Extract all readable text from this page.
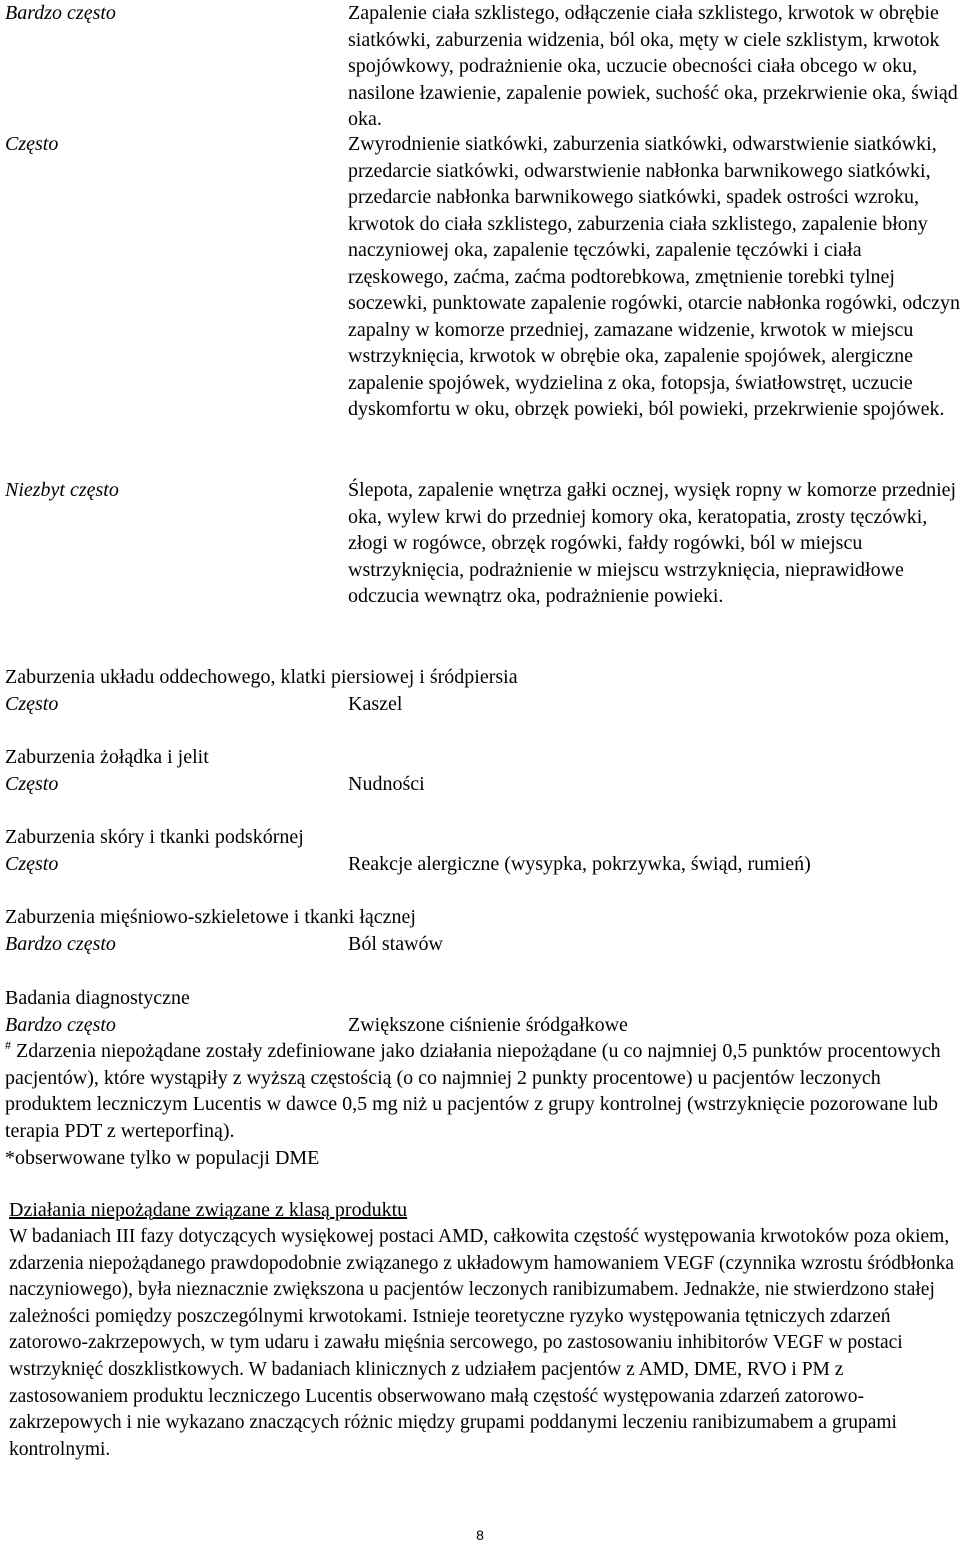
Bardzo często	Zapalenie ciała szklistego, odłączenie ciała szklistego, krwotok w obrębie siatkówki, zaburzenia widzenia, ból oka, męty w ciele szklistym, krwotok spojówkowy, podrażnienie oka, uczucie obecności ciała obcego w oku, nasilone łzawienie, zapalenie powiek, suchość oka, przekrwienie oka, świąd oka.
Często	Zwyrodnienie siatkówki, zaburzenia siatkówki, odwarstwienie siatkówki, przedarcie siatkówki, odwarstwienie nabłonka barwnikowego siatkówki, przedarcie nabłonka barwnikowego siatkówki, spadek ostrości wzroku, krwotok do ciała szklistego, zaburzenia ciała szklistego, zapalenie błony naczyniowej oka, zapalenie tęczówki, zapalenie tęczówki i ciała rzęskowego, zaćma, zaćma podtorebkowa, zmętnienie torebki tylnej soczewki, punktowate zapalenie rogówki, otarcie nabłonka rogówki, odczyn zapalny w komorze przedniej, zamazane widzenie, krwotok w miejscu wstrzyknięcia, krwotok w obrębie oka, zapalenie spojówek, alergiczne zapalenie spojówek, wydzielina z oka, fotopsja, światłowstręt, uczucie dyskomfortu w oku, obrzęk powieki, ból powieki, przekrwienie spojówek.
Niezbyt często	Ślepota, zapalenie wnętrza gałki ocznej, wysięk ropny w komorze przedniej oka, wylew krwi do przedniej komory oka, keratopatia, zrosty tęczówki, złogi w rogówce, obrzęk rogówki, fałdy rogówki, ból w miejscu wstrzyknięcia, podrażnienie w miejscu wstrzyknięcia, nieprawidłowe odczucia wewnątrz oka, podrażnienie powieki.
Zaburzenia układu oddechowego, klatki piersiowej i śródpiersia
Często	Kaszel
Zaburzenia żołądka i jelit
Często	Nudności
Zaburzenia skóry i tkanki podskórnej
Często	Reakcje alergiczne (wysypka, pokrzywka, świąd, rumień)
Zaburzenia mięśniowo-szkieletowe i tkanki łącznej
Bardzo często	Ból stawów
Badania diagnostyczne
Bardzo często	Zwiększone ciśnienie śródgałkowe
# Zdarzenia niepożądane zostały zdefiniowane jako działania niepożądane (u co najmniej 0,5 punktów procentowych pacjentów), które wystąpiły z wyższą częstością (o co najmniej 2 punkty procentowe) u pacjentów leczonych produktem leczniczym Lucentis w dawce 0,5 mg niż u pacjentów z grupy kontrolnej (wstrzyknięcie pozorowane lub terapia PDT z werteporfiną).
*obserwowane tylko w populacji DME
Działania niepożądane związane z klasą produktu
W badaniach III fazy dotyczących wysiękowej postaci AMD, całkowita częstość występowania krwotoków poza okiem, zdarzenia niepożądanego prawdopodobnie związanego z układowym hamowaniem VEGF (czynnika wzrostu śródbłonka naczyniowego), była nieznacznie zwiększona u pacjentów leczonych ranibizumabem. Jednakże, nie stwierdzono stałej zależności pomiędzy poszczególnymi krwotokami. Istnieje teoretyczne ryzyko występowania tętniczych zdarzeń zatorowo-zakrzepowych, w tym udaru i zawału mięśnia sercowego, po zastosowaniu inhibitorów VEGF w postaci wstrzyknięć doszklistkowych. W badaniach klinicznych z udziałem pacjentów z AMD, DME, RVO i PM z zastosowaniem produktu leczniczego Lucentis obserwowano małą częstość występowania zdarzeń zatorowo-zakrzepowych i nie wykazano znaczących różnic między grupami poddanymi leczeniu ranibizumabem a grupami kontrolnymi.
8
